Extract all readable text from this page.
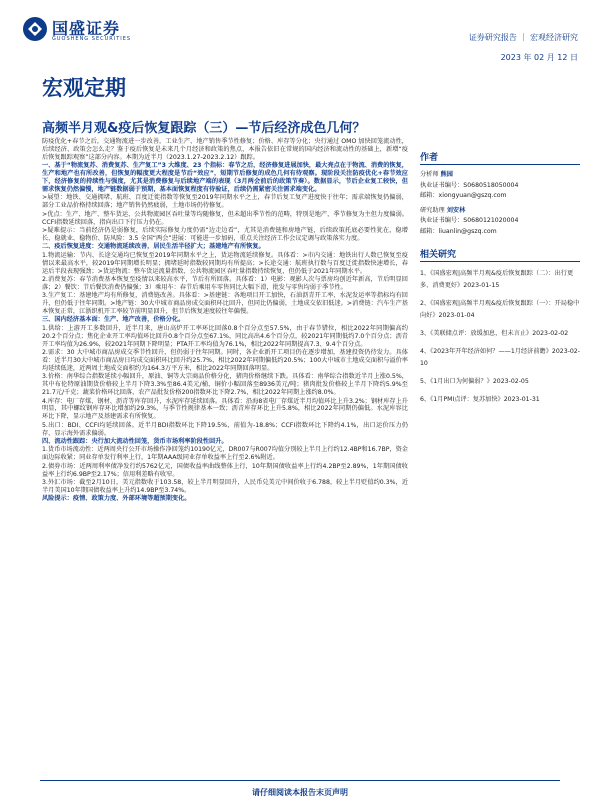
国盛证券
GUOSHENG SECURITIES	证券研究报告 ｜ 宏观经济研究
2023 年 02 月 12 日
宏观定期
高频半月观&疫后恢复跟踪（三）—节后经济成色几何？

防疫优化+春节之后，交通物流进一步改善，工业生产、地产销售季节性修复；价格、库存等分化；央行通过 OMO 加快回笼流动性，后续经济、政策会怎么走？鉴于疫后恢复是未来几个月经济和政策的焦点，本报告依旧在常规的国内经济和流动性的基础上，新增“疫后恢复跟踪观察”这部分内容。本期为近半月（2023.1.27-2023.2.12）跟踪。

一、基于“物流复苏、消费复苏、生产复工”3 大维度、23 个指标：春节之后，经济修复进展加快，最大亮点在于物流、消费的恢复，生产和地产也有所改善，但恢复的幅度更大程度是节后“效应”，短期节后修复的成色几何有待观察。现阶段关注防疫优化+春节效应下，经济修复的持续性与强度，尤其是消费修复与后续地产端的表现（3月两会前后的政策节奏）。数据显示，节后企业复工较快，但需求恢复仍然偏慢，地产链数据弱于预期，基本面恢复程度有待验证，后续仍需紧密关注需求端变化。

>展望：地铁、交通拥堵、航班、百度迁徙指数等恢复至2019年同期水平之上，春节后复工复产进度快于往年；需求端恢复仍偏弱，部分工业品价格持续回落；地产销售仍然疲弱，土地市场仍待修复。

>优点：生产、地产、整车货运、公共物流园区吞吐量等均随修复，但未超出季节性的范畴，特别是地产，季节修复为主但力度偏弱。CCFI指数延续回落，指向出口下行压力仍在。

>疑难提示：当前经济仍是弱修复，后续实际修复力度仍需“边走边看”，尤其是消费链和房地产链，后续政策托底必要性犹在，稳增长、稳就业、稳物价、防风险：3.5 全国“两会”进展：可能进一步加码，重点关注经济工作会议定调与政策落实力度。

二、疫后恢复进度：交通物流延续改善，居民生活半径扩大；基建地产有所恢复。

1.物流运输：节内、长途交通均已恢复至2019年同期水平之上，货运物流延续修复。具体看：>市内交通：地铁出行人数已恢复至疫情以来最高水平，较2019年同期增长明显；拥堵延时指数较同期均有所提高；>长途交通：航班执行数与百度迁徙指数快速增长，春运后半段表现强劲；>货运物流：整车货运流量指数、公共物流园区吞吐量指数持续恢复，但仍低于2021年同期水平。

2.消费复苏：春节消费基本恢复至疫情以来较高水平，节后有所回落。具体看：1）电影：观影人次与票房均创近年新高，节后明显回落；2）餐饮：节后餐饮消费仍偏强；3）乘用车：春节后乘用车零售同比大幅下滑，批发与零售均弱于季节性。

3.生产复工：基建地产均有所修复，消费链改善。具体看：>基建链：各地项目开工加快，石油沥青开工率、水泥发运率等指标均有回升，但仍低于往年同期。>地产链：30大中城市商品房成交面积环比回升，但同比仍偏弱，土地成交依旧低迷。>消费链：汽车生产基本恢复正常，江浙织机开工率较节前明显回升，但节后恢复速度较往年偏慢。

三、国内经济基本面：生产、地产改善，价格分化。

1.供给：上游开工多数回升，近半月来，唐山高炉开工率环比回落0.8个百分点至57.5%，由于春节错位，相比2022年同期偏高约20.2个百分点；焦化企业开工率均值环比回升0.8个百分点至67.1%，同比高出4.6个百分点，较2021年同期低约7.0个百分点；沥青开工率均值为26.9%，较2021年同期下降明显；PTA开工率均值为76.1%，相比2022年同期提高7.3、9.4个百分点。

2.需求：30 大中城市商品房成交季节性回升，但仍弱于往年同期。同时，各企业新开工项目仍在逐步增加，基建投资仍待发力。具体看：近半月30大中城市商品房日均成交面积环比回升约25.7%，相比2022年同期偏低约20.5%；100大中城市土地成交面积与溢价率均延续低迷，近两周土地成交面积约为164.3万平方米，相比2022年同期回落明显。

3.价格：南华综合指数延续小幅回升，原油、铜等大宗商品价格分化，猪肉价格继续下跌。具体看：南华综合指数近半月上涨0.5%，其中布伦特原油期货价格较上半月下降3.3%至86.4美元/桶，铜价小幅回落至8936美元/吨；猪肉批发价格较上半月下降约5.9%至21.7元/千克；蔬菜价格环比回落，农产品批发价格200指数环比下降2.7%，相比2022年同期上涨约8.0%。

4.库存：电厂存煤、钢材、沥青等库存回升，水泥库存延续回落。具体看：沿海8省电厂存煤近半月均值环比上升3.2%；钢材库存上升明显，其中螺纹钢库存环比增加约29.3%，与季节性规律基本一致；沥青库存环比上升5.8%，相比2022年同期仍偏低。水泥库容比环比下降，显示地产及基建需求有所恢复。

5.出口：BDI、CCFI均延续回落。近半月BDI指数环比下降19.5%，前值为-18.8%；CCFI指数环比下降约4.1%，出口运价压力仍存，显示海外需求偏弱。

四、流动性跟踪：央行加大流动性回笼，货币市场利率阶段性回升。

1.货币市场流动性：近两周央行公开市场操作净回笼约10190亿元，DR007与R007均值分别较上半月上行约12.4BP和16.7BP，资金面边际收紧；同业存单发行利率上行，1年期AAA级同业存单收益率上行至2.6%附近。

2.债券市场：近两周利率债净发行约5762亿元，国债收益率曲线整体上行，10年期国债收益率上行约4.2BP至2.89%，1年期国债收益率上行约6.9BP至2.17%；信用利差略有收窄。

3.外汇市场：截至2月10日，美元指数收于103.58，较上半月明显回升，人民币兑美元中间价收于6.788，较上半月贬值约0.3%，近半月美国10年期国债收益率上升约14.9BP至3.74%。

风险提示：疫情、政策力度、外部环境等超预期变化。

作者
分析师 熊园
执业证书编号：S0680518050004
邮箱：xiongyuan@gszq.com
研究助理 刘安林
执业证书编号：S0680121020004
邮箱：liuanlin@gszq.com
相关研究
1、《国盛宏观|高频半月观&疫后恢复跟踪（二）：出行更多、消费更好》2023-01-15
2、《国盛宏观|高频半月观&疫后恢复跟踪（一）：开局稳中向好》2023-01-04
3、《美联储点评：放缓加息，但未言止》2023-02-02
4、《2023年开年经济如何？——1月经济前瞻》2023-02-10
5、《1月出口为何偏弱？》2023-02-05
6、《1月PMI点评：复苏加快》2023-01-31
请仔细阅读本报告末页声明
